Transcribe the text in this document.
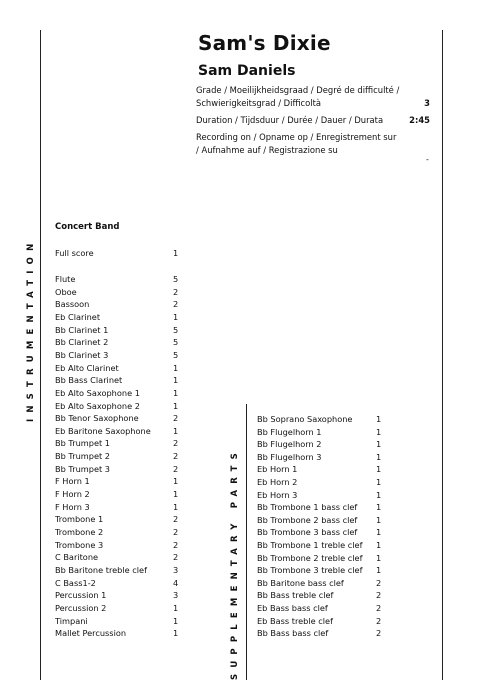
Sam's Dixie
Sam Daniels
Grade / Moeilijkheidsgraad / Degré de difficulté / Schwierigkeitsgrad / Difficoltà	3
Duration / Tijdsduur / Durée / Dauer / Durata	2:45
Recording on / Opname op / Enregistrement sur / Aufnahme auf / Registrazione su
-
INSTRUMENTATION
SUPPLEMENTARY PARTS
Concert Band
Full score	1
Flute	5
Oboe	2
Bassoon	2
Eb Clarinet	1
Bb Clarinet 1	5
Bb Clarinet 2	5
Bb Clarinet 3	5
Eb Alto Clarinet	1
Bb Bass Clarinet	1
Eb Alto Saxophone 1	1
Eb Alto Saxophone 2	1
Bb Tenor Saxophone	2
Eb Baritone Saxophone	1
Bb Trumpet 1	2
Bb Trumpet 2	2
Bb Trumpet 3	2
F Horn 1	1
F Horn 2	1
F Horn 3	1
Trombone 1	2
Trombone 2	2
Trombone 3	2
C Baritone	2
Bb Baritone treble clef	3
C Bass1-2	4
Percussion 1	3
Percussion 2	1
Timpani	1
Mallet Percussion	1
Bb Soprano Saxophone	1
Bb Flugelhorn 1	1
Bb Flugelhorn 2	1
Bb Flugelhorn 3	1
Eb Horn 1	1
Eb Horn 2	1
Eb Horn 3	1
Bb Trombone 1 bass clef 1
Bb Trombone 2 bass clef 1
Bb Trombone 3 bass clef 1
Bb Trombone 1 treble clef 1
Bb Trombone 2 treble clef 1
Bb Trombone 3 treble clef 1
Bb Baritone bass clef	2
Bb Bass treble clef	2
Eb Bass bass clef	2
Eb Bass treble clef	2
Bb Bass bass clef	2
